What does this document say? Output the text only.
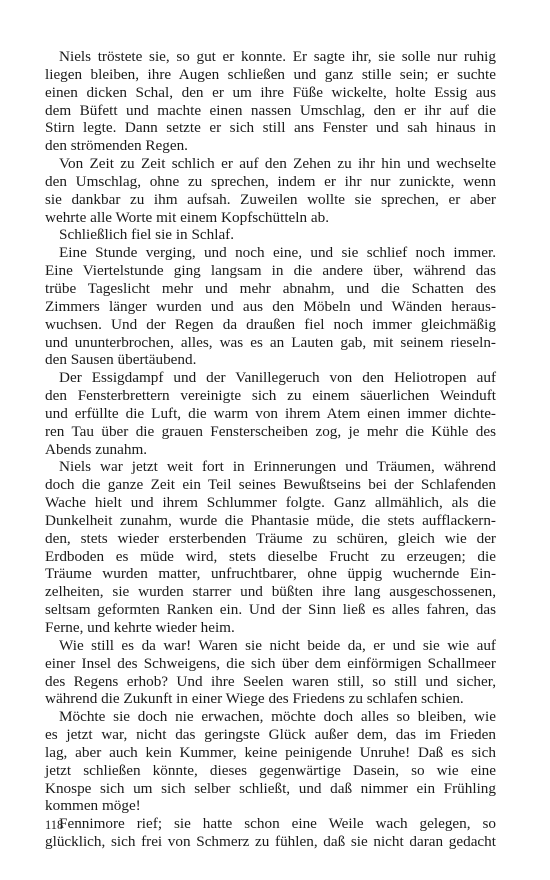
Niels tröstete sie, so gut er konnte. Er sagte ihr, sie solle nur ruhig
liegen bleiben, ihre Augen schließen und ganz stille sein; er suchte
einen dicken Schal, den er um ihre Füße wickelte, holte Essig aus
dem Büfett und machte einen nassen Umschlag, den er ihr auf die
Stirn legte. Dann setzte er sich still ans Fenster und sah hinaus in
den strömenden Regen.
Von Zeit zu Zeit schlich er auf den Zehen zu ihr hin und wechselte
den Umschlag, ohne zu sprechen, indem er ihr nur zunickte, wenn
sie dankbar zu ihm aufsah. Zuweilen wollte sie sprechen, er aber
wehrte alle Worte mit einem Kopfschütteln ab.
Schließlich fiel sie in Schlaf.
Eine Stunde verging, und noch eine, und sie schlief noch immer.
Eine Viertelstunde ging langsam in die andere über, während das
trübe Tageslicht mehr und mehr abnahm, und die Schatten des
Zimmers länger wurden und aus den Möbeln und Wänden heraus-
wuchsen. Und der Regen da draußen fiel noch immer gleichmäßig
und ununterbrochen, alles, was es an Lauten gab, mit seinem rieseln-
den Sausen übertäubend.
Der Essigdampf und der Vanillegeruch von den Heliotropen auf
den Fensterbrettern vereinigte sich zu einem säuerlichen Weinduft
und erfüllte die Luft, die warm von ihrem Atem einen immer dichte-
ren Tau über die grauen Fensterscheiben zog, je mehr die Kühle des
Abends zunahm.
Niels war jetzt weit fort in Erinnerungen und Träumen, während
doch die ganze Zeit ein Teil seines Bewußtseins bei der Schlafenden
Wache hielt und ihrem Schlummer folgte. Ganz allmählich, als die
Dunkelheit zunahm, wurde die Phantasie müde, die stets aufflackern-
den, stets wieder ersterbenden Träume zu schüren, gleich wie der
Erdboden es müde wird, stets dieselbe Frucht zu erzeugen; die
Träume wurden matter, unfruchtbarer, ohne üppig wuchernde Ein-
zelheiten, sie wurden starrer und büßten ihre lang ausgeschossenen,
seltsam geformten Ranken ein. Und der Sinn ließ es alles fahren, das
Ferne, und kehrte wieder heim.
Wie still es da war! Waren sie nicht beide da, er und sie wie auf
einer Insel des Schweigens, die sich über dem einförmigen Schallmeer
des Regens erhob? Und ihre Seelen waren still, so still und sicher,
während die Zukunft in einer Wiege des Friedens zu schlafen schien.
Möchte sie doch nie erwachen, möchte doch alles so bleiben, wie
es jetzt war, nicht das geringste Glück außer dem, das im Frieden
lag, aber auch kein Kummer, keine peinigende Unruhe! Daß es sich
jetzt schließen könnte, dieses gegenwärtige Dasein, so wie eine
Knospe sich um sich selber schließt, und daß nimmer ein Frühling
kommen möge!
Fennimore rief; sie hatte schon eine Weile wach gelegen, so
glücklich, sich frei von Schmerz zu fühlen, daß sie nicht daran gedacht
118
